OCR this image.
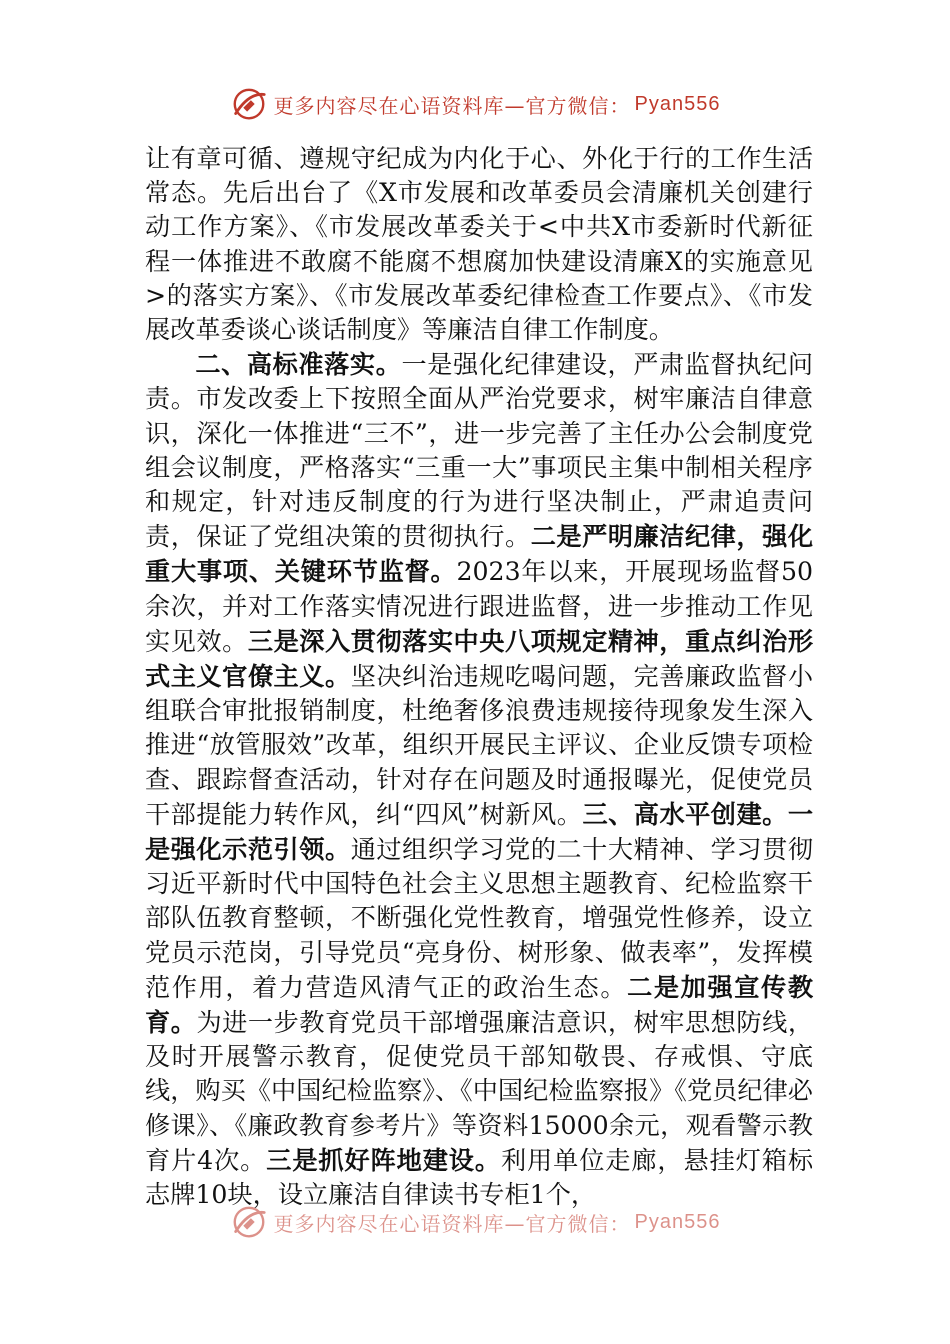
更多内容尽在心语资料库—官方微信： Pyan556

让有章可循、遵规守纪成为内化于心、外化于行的工作生活常态。先后出台了《X市发展和改革委员会清廉机关创建行动工作方案》、《市发展改革委关于<中共X市委新时代新征程一体推进不敢腐不能腐不想腐加快建设清廉X的实施意见>的落实方案》、《市发展改革委纪律检查工作要点》、《市发展改革委谈心谈话制度》等廉洁自律工作制度。

二、高标准落实。一是强化纪律建设，严肃监督执纪问责。市发改委上下按照全面从严治党要求，树牢廉洁自律意识，深化一体推进“三不”，进一步完善了主任办公会制度党组会议制度，严格落实“三重一大”事项民主集中制相关程序和规定，针对违反制度的行为进行坚决制止，严肃追责问责，保证了党组决策的贯彻执行。二是严明廉洁纪律，强化重大事项、关键环节监督。2023年以来，开展现场监督50余次，并对工作落实情况进行跟进监督，进一步推动工作见实见效。三是深入贯彻落实中央八项规定精神，重点纠治形式主义官僚主义。坚决纠治违规吃喝问题，完善廉政监督小组联合审批报销制度，杜绝奢侈浪费违规接待现象发生深入推进“放管服效”改革，组织开展民主评议、企业反馈专项检查、跟踪督查活动，针对存在问题及时通报曝光，促使党员干部提能力转作风，纠“四风”树新风。三、高水平创建。一是强化示范引领。通过组织学习党的二十大精神、学习贯彻习近平新时代中国特色社会主义思想主题教育、纪检监察干部队伍教育整顿，不断强化党性教育，增强党性修养，设立党员示范岗，引导党员“亮身份、树形象、做表率”，发挥模范作用，着力营造风清气正的政治生态。二是加强宣传教育。为进一步教育党员干部增强廉洁意识，树牢思想防线，及时开展警示教育，促使党员干部知敬畏、存戒惧、守底线，购买《中国纪检监察》、《中国纪检监察报》《党员纪律必修课》、《廉政教育参考片》等资料15000余元，观看警示教育片4次。三是抓好阵地建设。利用单位走廊，悬挂灯箱标志牌10块，设立廉洁自律读书专柜1个，

更多内容尽在心语资料库—官方微信： Pyan556
